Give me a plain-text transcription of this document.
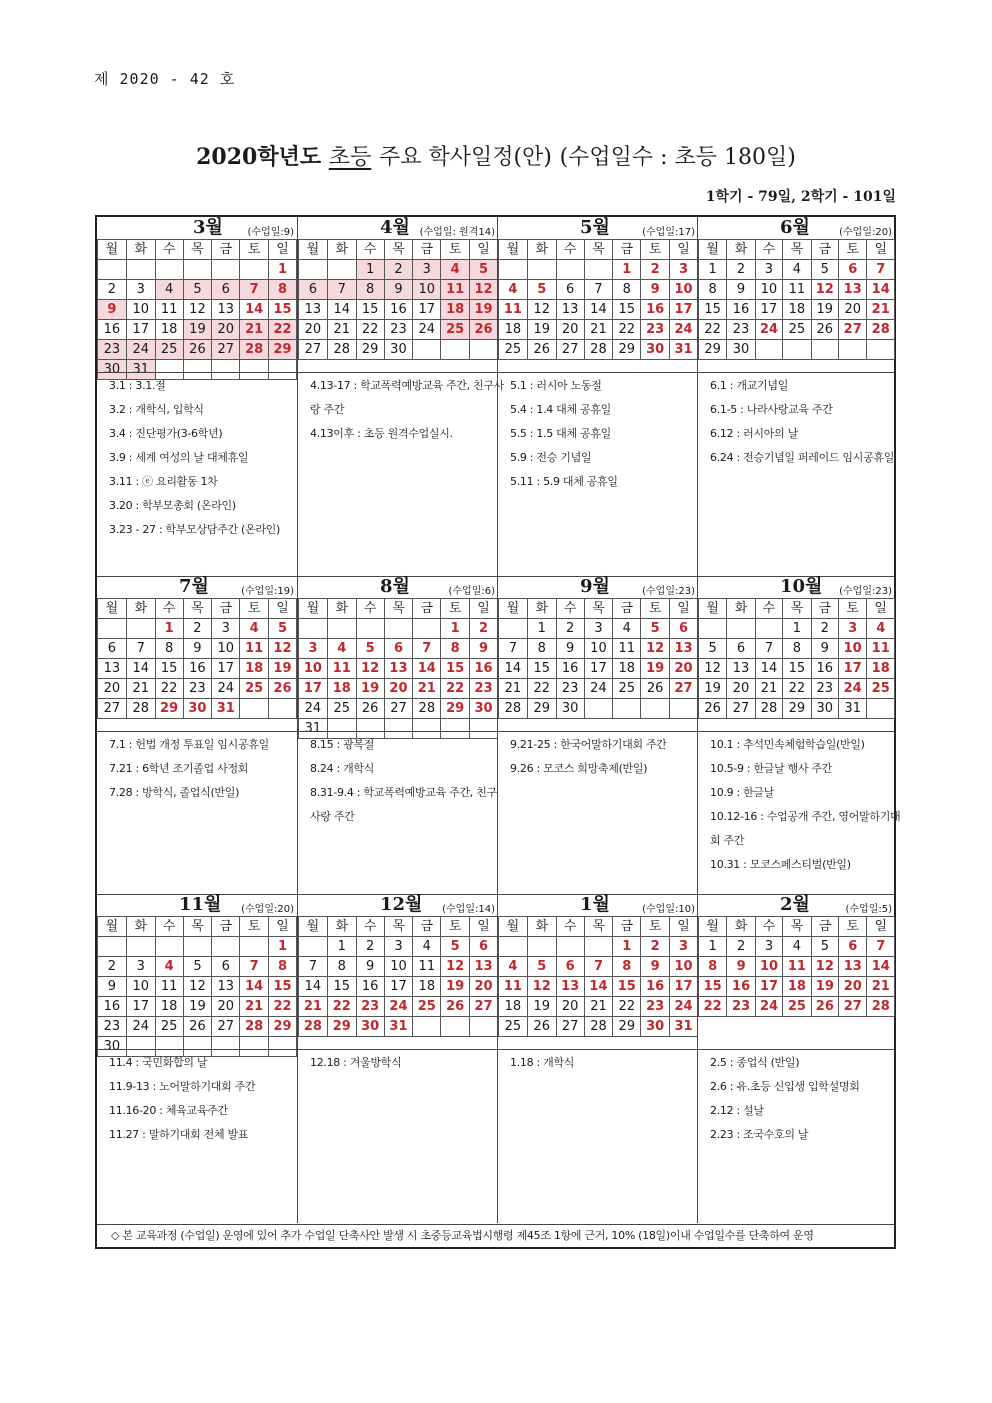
제 2020 - 42 호
2020학년도 초등 주요 학사일정(안) (수업일수 : 초등 180일)
1학기 - 79일, 2학기 - 101일
11월 (수업일:20)
월	화	수	목	금	토	일
						1
2	3	4	5	6	7	8
9	10	11	12	13	14	15
16	17	18	19	20	21	22
23	24	25	26	27	28	29
30						
11.4 : 국민화합의 날
11.9-13 : 노어말하기대회 주간
11.16-20 : 체육교육주간
11.27 : 말하기대회 전체 발표
12월 (수업일:14)
월	화	수	목	금	토	일
	1	2	3	4	5	6
7	8	9	10	11	12	13
14	15	16	17	18	19	20
21	22	23	24	25	26	27
28	29	30	31			
12.18 : 겨울방학식
1월	(수업일:10)
월	화	수	목	금	토	일
				1	2	3
4	5	6	7	8	9	10
11	12	13	14	15	16	17
18	19	20	21	22	23	24
25	26	27	28	29	30	31
1.18 : 개학식
2월	(수업일:5)
월	화	수	목	금	토	일
1	2	3	4	5	6	7
8	9	10	11	12	13	14
15	16	17	18	19	20	21
22	23	24	25	26	27	28
2.5 : 종업식 (반일)
2.6 : 유.초등 신입생 입학설명회
2.12 : 설날
2.23 : 조국수호의 날
7월	(수업일:19)
월	화	수	목	금	토	일
		1	2	3	4	5
6	7	8	9	10	11	12
13	14	15	16	17	18	19
20	21	22	23	24	25	26
27	28	29	30	31		
7.1 : 헌법 개정 투표일 임시공휴일
7.21 : 6학년 조기졸업 사정회
7.28 : 방학식, 졸업식(반일)
8월	(수업일:6)
월	화	수	목	금	토	일
					1	2
3	4	5	6	7	8	9
10	11	12	13	14	15	16
17	18	19	20	21	22	23
24	25	26	27	28	29	30
31						
8.15 : 광복절
8.24 : 개학식
8.31-9.4 : 학교폭력예방교육 주간, 친구
사랑 주간
9월	(수업일:23)
월	화	수	목	금	토	일
	1	2	3	4	5	6
7	8	9	10	11	12	13
14	15	16	17	18	19	20
21	22	23	24	25	26	27
28	29	30				
9.21-25 : 한국어말하기대회 주간
9.26 : 모코스 희망축제(반일)
10월 (수업일:23)
월	화	수	목	금	토	일
			1	2	3	4
5	6	7	8	9	10	11
12	13	14	15	16	17	18
19	20	21	22	23	24	25
26	27	28	29	30	31	
10.1 : 추석민속체험학습일(반일)
10.5-9 : 한글날 행사 주간
10.9 : 한글날
10.12-16 : 수업공개 주간, 영어말하기대
회 주간
10.31 : 모코스페스티벌(반일)
3월 (수업일:9)
월	화	수	목	금	토	일
						1
2	3	4	5	6	7	8
9	10	11	12	13	14	15
16	17	18	19	20	21	22
23	24	25	26	27	28	29
30	31					
3.1 : 3.1.절
3.2 : 개학식, 입학식
3.4 : 진단평가(3-6학년)
3.9 : 세계 여성의 날 대체휴일
3.11 : ⓔ 요리활동 1차
3.20 : 학부모총회 (온라인)
3.23 - 27 : 학부모상담주간 (온라인)
4월 (수업일: 원격14)
월	화	수	목	금	토	일
		1	2	3	4	5
6	7	8	9	10	11	12
13	14	15	16	17	18	19
20	21	22	23	24	25	26
27	28	29	30			
4.13-17 : 학교폭력예방교육 주간, 친구사
랑 주간
4.13이후 : 초등 원격수업실시.
5월	(수업일:17)
월	화	수	목	금	토	일
				1	2	3
4	5	6	7	8	9	10
11	12	13	14	15	16	17
18	19	20	21	22	23	24
25	26	27	28	29	30	31
5.1 : 러시아 노동절
5.4 : 1.4 대체 공휴일
5.5 : 1.5 대체 공휴일
5.9 : 전승 기념일
5.11 : 5.9 대체 공휴일
6월	(수업일:20)
월	화	수	목	금	토	일
1	2	3	4	5	6	7
8	9	10	11	12	13	14
15	16	17	18	19	20	21
22	23	24	25	26	27	28
29	30					
6.1 : 개교기념일
6.1-5 : 나라사랑교육 주간
6.12 : 러시아의 날
6.24 : 전승기념일 퍼레이드 임시공휴일
◇ 본 교육과정 (수업일) 운영에 있어 추가 수업일 단축사안 발생 시 초중등교육법시행령 제45조 1항에 근거, 10% (18일)이내 수업일수를 단축하여 운영
